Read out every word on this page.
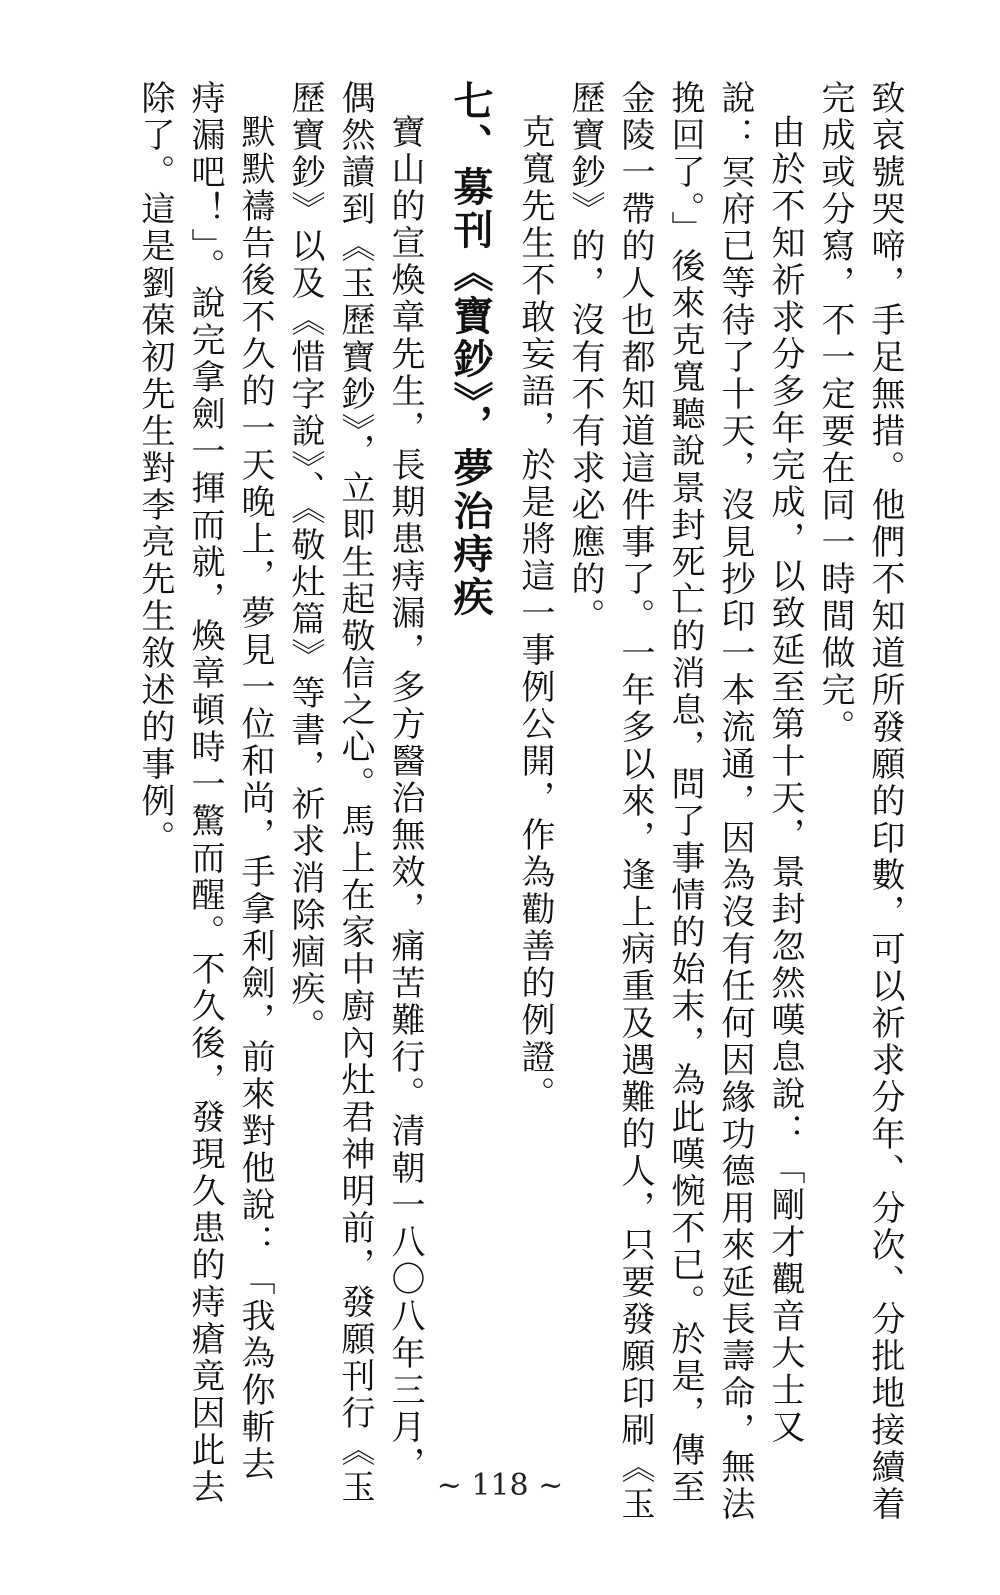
致哀號哭啼，手足無措。他們不知道所發願的印數，可以祈求分年、分次、分批地接續着
完成或分寫，不一定要在同一時間做完。
由於不知祈求分多年完成，以致延至第十天，景封忽然嘆息說：「剛才觀音大士又
說：冥府已等待了十天，沒見抄印一本流通，因為沒有任何因緣功德用來延長壽命，無法
挽回了。」後來克寬聽說景封死亡的消息，問了事情的始末，為此嘆惋不已。於是，傳至
金陵一帶的人也都知道這件事了。一年多以來，逢上病重及遇難的人，只要發願印刷《玉
歷寶鈔》的，沒有不有求必應的。
克寬先生不敢妄語，於是將這一事例公開，作為勸善的例證。
七、募刊《寶鈔》，夢治痔疾
寶山的宣煥章先生，長期患痔漏，多方醫治無效，痛苦難行。清朝一八〇八年三月，
偶然讀到《玉歷寶鈔》，立即生起敬信之心。馬上在家中廚內灶君神明前，發願刊行《玉
歷寶鈔》以及《惜字說》、《敬灶篇》等書，祈求消除痼疾。
默默禱告後不久的一天晚上，夢見一位和尚，手拿利劍，前來對他說：「我為你斬去
痔漏吧！」。說完拿劍一揮而就，煥章頓時一驚而醒。不久後，發現久患的痔瘡竟因此去
除了。這是劉葆初先生對李亮先生敘述的事例。
~ 118 ~
